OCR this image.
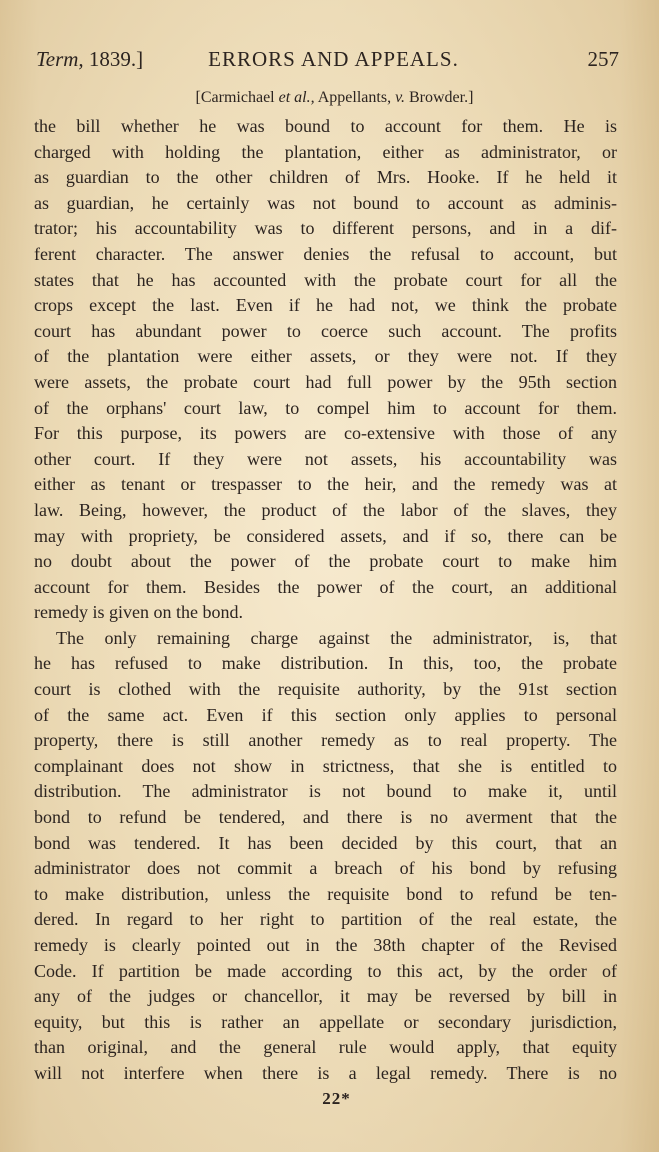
Term, 1839.]	ERRORS AND APPEALS.	257
[Carmichael et al., Appellants, v. Browder.]
the bill whether he was bound to account for them. He is
charged with holding the plantation, either as administrator, or
as guardian to the other children of Mrs. Hooke. If he held it
as guardian, he certainly was not bound to account as adminis-
trator; his accountability was to different persons, and in a dif-
ferent character. The answer denies the refusal to account, but
states that he has accounted with the probate court for all the
crops except the last. Even if he had not, we think the probate
court has abundant power to coerce such account. The profits
of the plantation were either assets, or they were not. If they
were assets, the probate court had full power by the 95th section
of the orphans' court law, to compel him to account for them.
For this purpose, its powers are co-extensive with those of any
other court. If they were not assets, his accountability was
either as tenant or trespasser to the heir, and the remedy was at
law. Being, however, the product of the labor of the slaves, they
may with propriety, be considered assets, and if so, there can be
no doubt about the power of the probate court to make him
account for them. Besides the power of the court, an additional
remedy is given on the bond.
The only remaining charge against the administrator, is, that
he has refused to make distribution. In this, too, the probate
court is clothed with the requisite authority, by the 91st section
of the same act. Even if this section only applies to personal
property, there is still another remedy as to real property. The
complainant does not show in strictness, that she is entitled to
distribution. The administrator is not bound to make it, until
bond to refund be tendered, and there is no averment that the
bond was tendered. It has been decided by this court, that an
administrator does not commit a breach of his bond by refusing
to make distribution, unless the requisite bond to refund be ten-
dered. In regard to her right to partition of the real estate, the
remedy is clearly pointed out in the 38th chapter of the Revised
Code. If partition be made according to this act, by the order of
any of the judges or chancellor, it may be reversed by bill in
equity, but this is rather an appellate or secondary jurisdiction,
than original, and the general rule would apply, that equity
will not interfere when there is a legal remedy. There is no
22*
